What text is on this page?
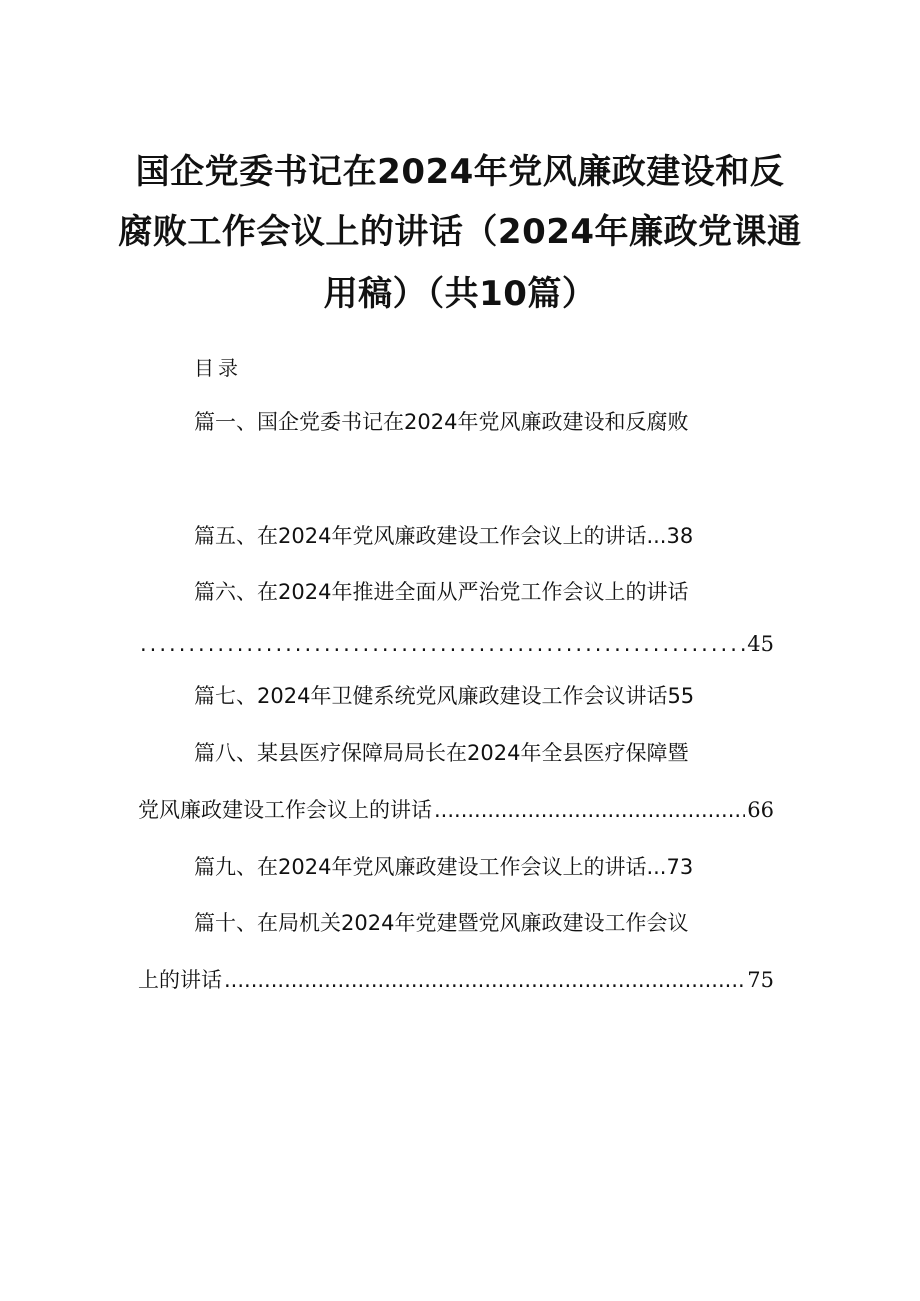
国企党委书记在2024年党风廉政建设和反
腐败工作会议上的讲话（2024年廉政党课通
用稿）（共10篇）
目录
篇一、国企党委书记在2024年党风廉政建设和反腐败
篇五、在2024年党风廉政建设工作会议上的讲话...38
篇六、在2024年推进全面从严治党工作会议上的讲话
.....
45
篇七、2024年卫健系统党风廉政建设工作会议讲话55
篇八、某县医疗保障局局长在2024年全县医疗保障暨
党风廉政建设工作会议上的讲话 .....	66
篇九、在2024年党风廉政建设工作会议上的讲话...73
篇十、在局机关2024年党建暨党风廉政建设工作会议
上的讲话 .....	75
